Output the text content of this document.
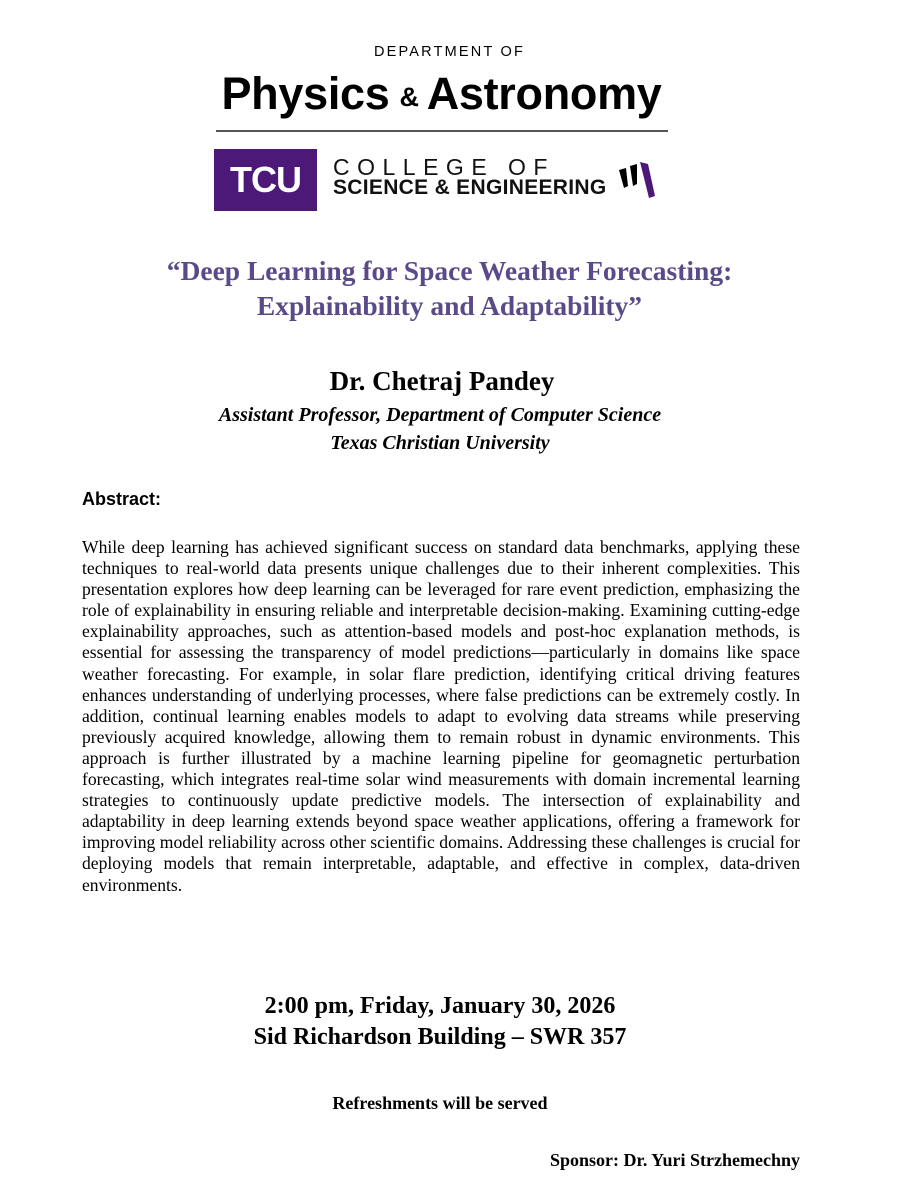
DEPARTMENT OF
Physics & Astronomy
TCU COLLEGE OF
SCIENCE & ENGINEERING
“Deep Learning for Space Weather Forecasting:
Explainability and Adaptability”
Dr. Chetraj Pandey
Assistant Professor, Department of Computer Science
Texas Christian University
Abstract:
While deep learning has achieved significant success on standard data benchmarks, applying these techniques to real-world data presents unique challenges due to their inherent complexities. This presentation explores how deep learning can be leveraged for rare event prediction, emphasizing the role of explainability in ensuring reliable and interpretable decision-making. Examining cutting-edge explainability approaches, such as attention-based models and post-hoc explanation methods, is essential for assessing the transparency of model predictions—particularly in domains like space weather forecasting. For example, in solar flare prediction, identifying critical driving features enhances understanding of underlying processes, where false predictions can be extremely costly. In addition, continual learning enables models to adapt to evolving data streams while preserving previously acquired knowledge, allowing them to remain robust in dynamic environments. This approach is further illustrated by a machine learning pipeline for geomagnetic perturbation forecasting, which integrates real-time solar wind measurements with domain incremental learning strategies to continuously update predictive models. The intersection of explainability and adaptability in deep learning extends beyond space weather applications, offering a framework for improving model reliability across other scientific domains. Addressing these challenges is crucial for deploying models that remain interpretable, adaptable, and effective in complex, data-driven environments.
2:00 pm, Friday, January 30, 2026
Sid Richardson Building – SWR 357
Refreshments will be served
Sponsor: Dr. Yuri Strzhemechny
